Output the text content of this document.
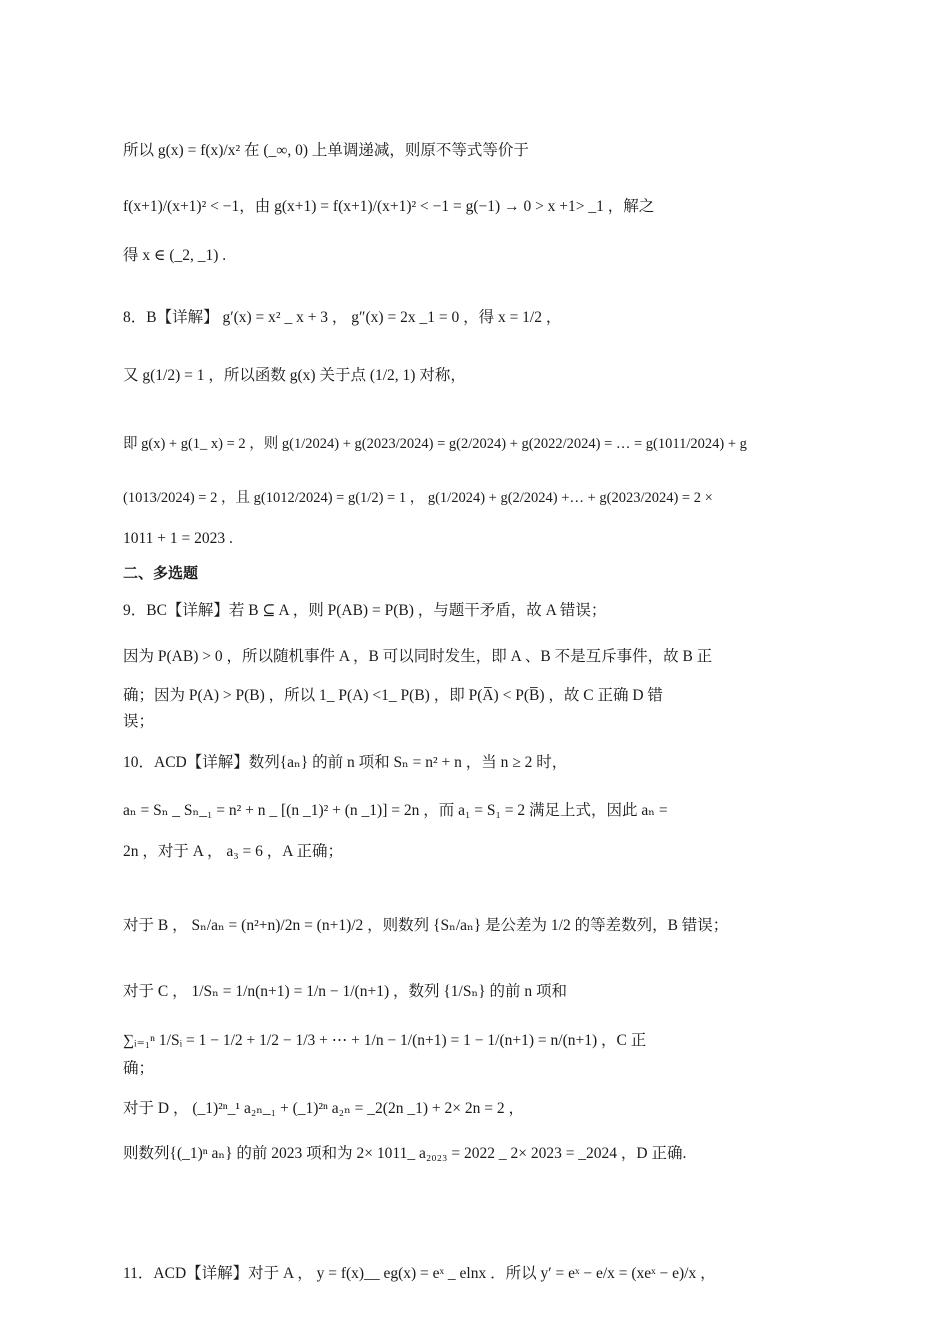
所以 g(x) = f(x)/x² 在 (_∞, 0) 上单调递减，则原不等式等价于
f(x+1)/(x+1)² < −1，由 g(x+1) = f(x+1)/(x+1)² < −1 = g(−1) → 0 > x +1> _1 ，解之
得 x ∈ (_2, _1) .
8．B【详解】 g′(x) = x² _ x + 3 ， g″(x) = 2x _1 = 0 ，得 x = 1/2 ，
又 g(1/2) = 1 ，所以函数 g(x) 关于点 (1/2, 1) 对称，
即 g(x) + g(1_ x) = 2 ，则 g(1/2024) + g(2023/2024) = g(2/2024) + g(2022/2024) = … = g(1011/2024) + g
(1013/2024) = 2 ，且 g(1012/2024) = g(1/2) = 1 ， g(1/2024) + g(2/2024) +… + g(2023/2024) = 2 ×
1011 + 1 = 2023 .
二、多选题
9．BC【详解】若 B ⊆ A ，则 P(AB) = P(B) ，与题干矛盾，故 A 错误；
因为 P(AB) > 0 ，所以随机事件 A ，B 可以同时发生，即 A 、B 不是互斥事件，故 B 正
确；因为 P(A) > P(B) ，所以 1_ P(A) <1_ P(B) ，即 P(A̅) < P(B̅) ，故 C 正确 D 错
误；
10．ACD【详解】数列{aₙ} 的前 n 项和 Sₙ = n² + n ，当 n ≥ 2 时，
aₙ = Sₙ _ Sₙ_₁ = n² + n _ [(n _1)² + (n _1)] = 2n ，而 a₁ = S₁ = 2 满足上式，因此 aₙ =
2n ，对于 A ， a₃ = 6 ，A 正确；
对于 B ， Sₙ/aₙ = (n²+n)/2n = (n+1)/2 ，则数列 {Sₙ/aₙ} 是公差为 1/2 的等差数列，B 错误；
对于 C ， 1/Sₙ = 1/n(n+1) = 1/n − 1/(n+1) ，数列 {1/Sₙ} 的前 n 项和
∑ᵢ₌₁ⁿ 1/Sᵢ = 1 − 1/2 + 1/2 − 1/3 + ⋯ + 1/n − 1/(n+1) = 1 − 1/(n+1) = n/(n+1) ，C 正
确；
对于 D ， (_1)²ⁿ_¹ a₂ₙ_₁ + (_1)²ⁿ a₂ₙ = _2(2n _1) + 2× 2n = 2 ，
则数列{(_1)ⁿ aₙ} 的前 2023 项和为 2× 1011_ a₂₀₂₃ = 2022 _ 2× 2023 = _2024 ，D 正确.
11．ACD【详解】对于 A ， y = f(x)__ eg(x) = eˣ _ elnx ．所以 y′ = eˣ − e/x = (xeˣ − e)/x ，
